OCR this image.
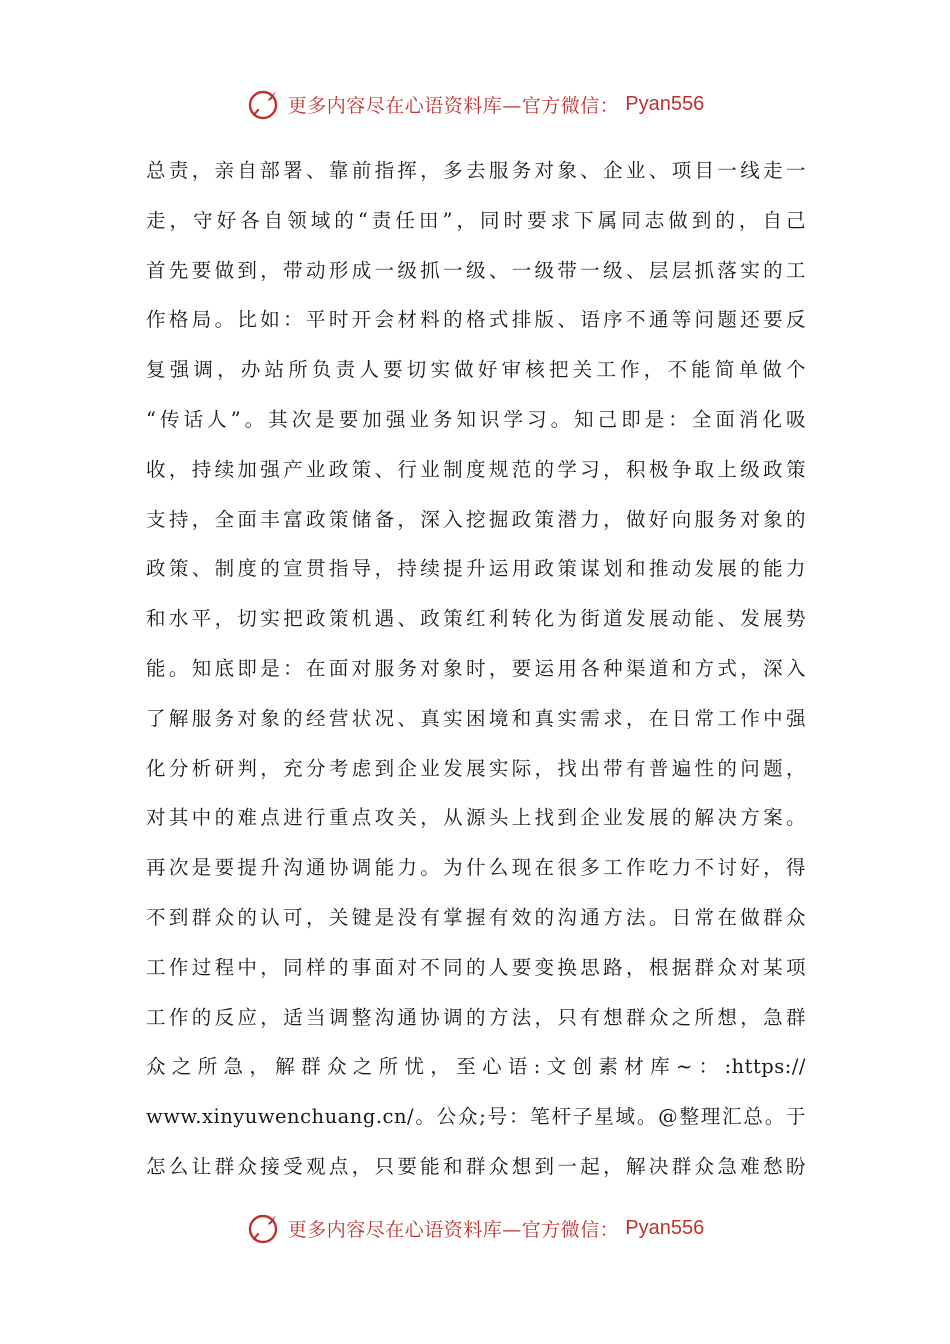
更多内容尽在心语资料库—官方微信： Pyan556
总责，亲自部署、靠前指挥，多去服务对象、企业、项目一线走一
走，守好各自领域的“责任田”，同时要求下属同志做到的，自己
首先要做到，带动形成一级抓一级、一级带一级、层层抓落实的工
作格局。比如：平时开会材料的格式排版、语序不通等问题还要反
复强调，办站所负责人要切实做好审核把关工作，不能简单做个
“传话人”。其次是要加强业务知识学习。知己即是：全面消化吸
收，持续加强产业政策、行业制度规范的学习，积极争取上级政策
支持，全面丰富政策储备，深入挖掘政策潜力，做好向服务对象的
政策、制度的宣贯指导，持续提升运用政策谋划和推动发展的能力
和水平，切实把政策机遇、政策红利转化为街道发展动能、发展势
能。知底即是：在面对服务对象时，要运用各种渠道和方式，深入
了解服务对象的经营状况、真实困境和真实需求，在日常工作中强
化分析研判，充分考虑到企业发展实际，找出带有普遍性的问题，
对其中的难点进行重点攻关，从源头上找到企业发展的解决方案。
再次是要提升沟通协调能力。为什么现在很多工作吃力不讨好，得
不到群众的认可，关键是没有掌握有效的沟通方法。日常在做群众
工作过程中，同样的事面对不同的人要变换思路，根据群众对某项
工作的反应，适当调整沟通协调的方法，只有想群众之所想，急群
众之所急，解群众之所忧，至心语:文创素材库~：:https://
www.xinyuwenchuang.cn/。公众;号：笔杆子星域。@整理汇总。于
怎么让群众接受观点，只要能和群众想到一起，解决群众急难愁盼
更多内容尽在心语资料库—官方微信： Pyan556
